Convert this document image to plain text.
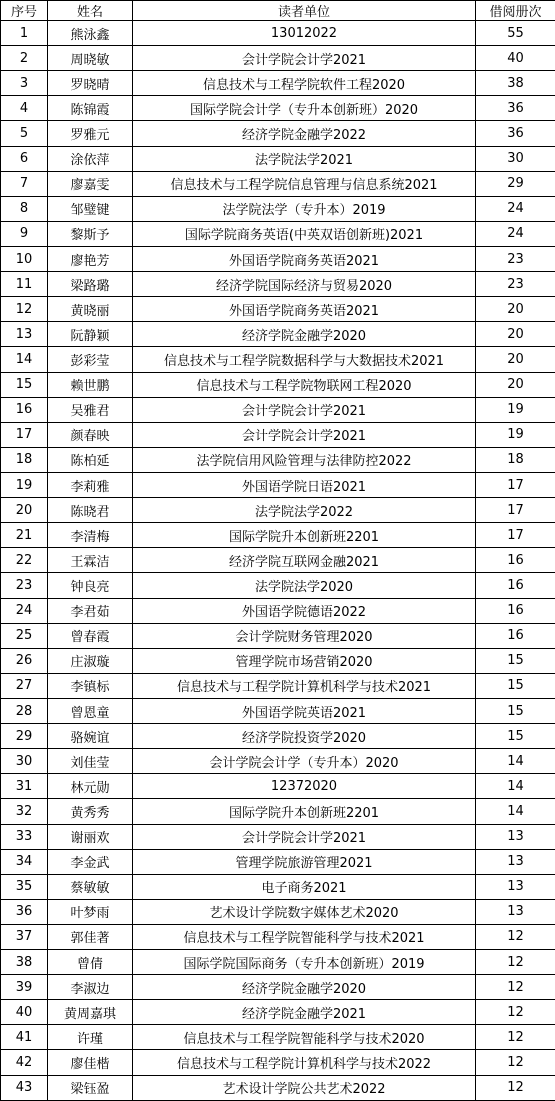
序号	姓名	读者单位	借阅册次
1	熊泳鑫	13012022	55
2	周晓敏	会计学院会计学2021	40
3	罗晓晴	信息技术与工程学院软件工程2020	38
4	陈锦霞	国际学院会计学（专升本创新班）2020	36
5	罗雅元	经济学院金融学2022	36
6	涂依萍	法学院法学2021	30
7	廖嘉雯	信息技术与工程学院信息管理与信息系统2021	29
8	邹璧键	法学院法学（专升本）2019	24
9	黎斯予	国际学院商务英语(中英双语创新班)2021	24
10	廖艳芳	外国语学院商务英语2021	23
11	梁路璐	经济学院国际经济与贸易2020	23
12	黄晓丽	外国语学院商务英语2021	20
13	阮静颖	经济学院金融学2020	20
14	彭彩莹	信息技术与工程学院数据科学与大数据技术2021	20
15	赖世鹏	信息技术与工程学院物联网工程2020	20
16	吴雅君	会计学院会计学2021	19
17	颜春映	会计学院会计学2021	19
18	陈柏延	法学院信用风险管理与法律防控2022	18
19	李莉雅	外国语学院日语2021	17
20	陈晓君	法学院法学2022	17
21	李清梅	国际学院升本创新班2201	17
22	王霖洁	经济学院互联网金融2021	16
23	钟良亮	法学院法学2020	16
24	李君茹	外国语学院德语2022	16
25	曾春霞	会计学院财务管理2020	16
26	庄淑璇	管理学院市场营销2020	15
27	李镇标	信息技术与工程学院计算机科学与技术2021	15
28	曾恩童	外国语学院英语2021	15
29	骆婉谊	经济学院投资学2020	15
30	刘佳莹	会计学院会计学（专升本）2020	14
31	林元勋	12372020	14
32	黄秀秀	国际学院升本创新班2201	14
33	谢丽欢	会计学院会计学2021	13
34	李金武	管理学院旅游管理2021	13
35	蔡敏敏	电子商务2021	13
36	叶梦雨	艺术设计学院数字媒体艺术2020	13
37	郭佳著	信息技术与工程学院智能科学与技术2021	12
38	曾倩	国际学院国际商务（专升本创新班）2019	12
39	李淑边	经济学院金融学2020	12
40	黄周嘉琪	经济学院金融学2021	12
41	许瑾	信息技术与工程学院智能科学与技术2020	12
42	廖佳楷	信息技术与工程学院计算机科学与技术2022	12
43	梁钰盈	艺术设计学院公共艺术2022	12
